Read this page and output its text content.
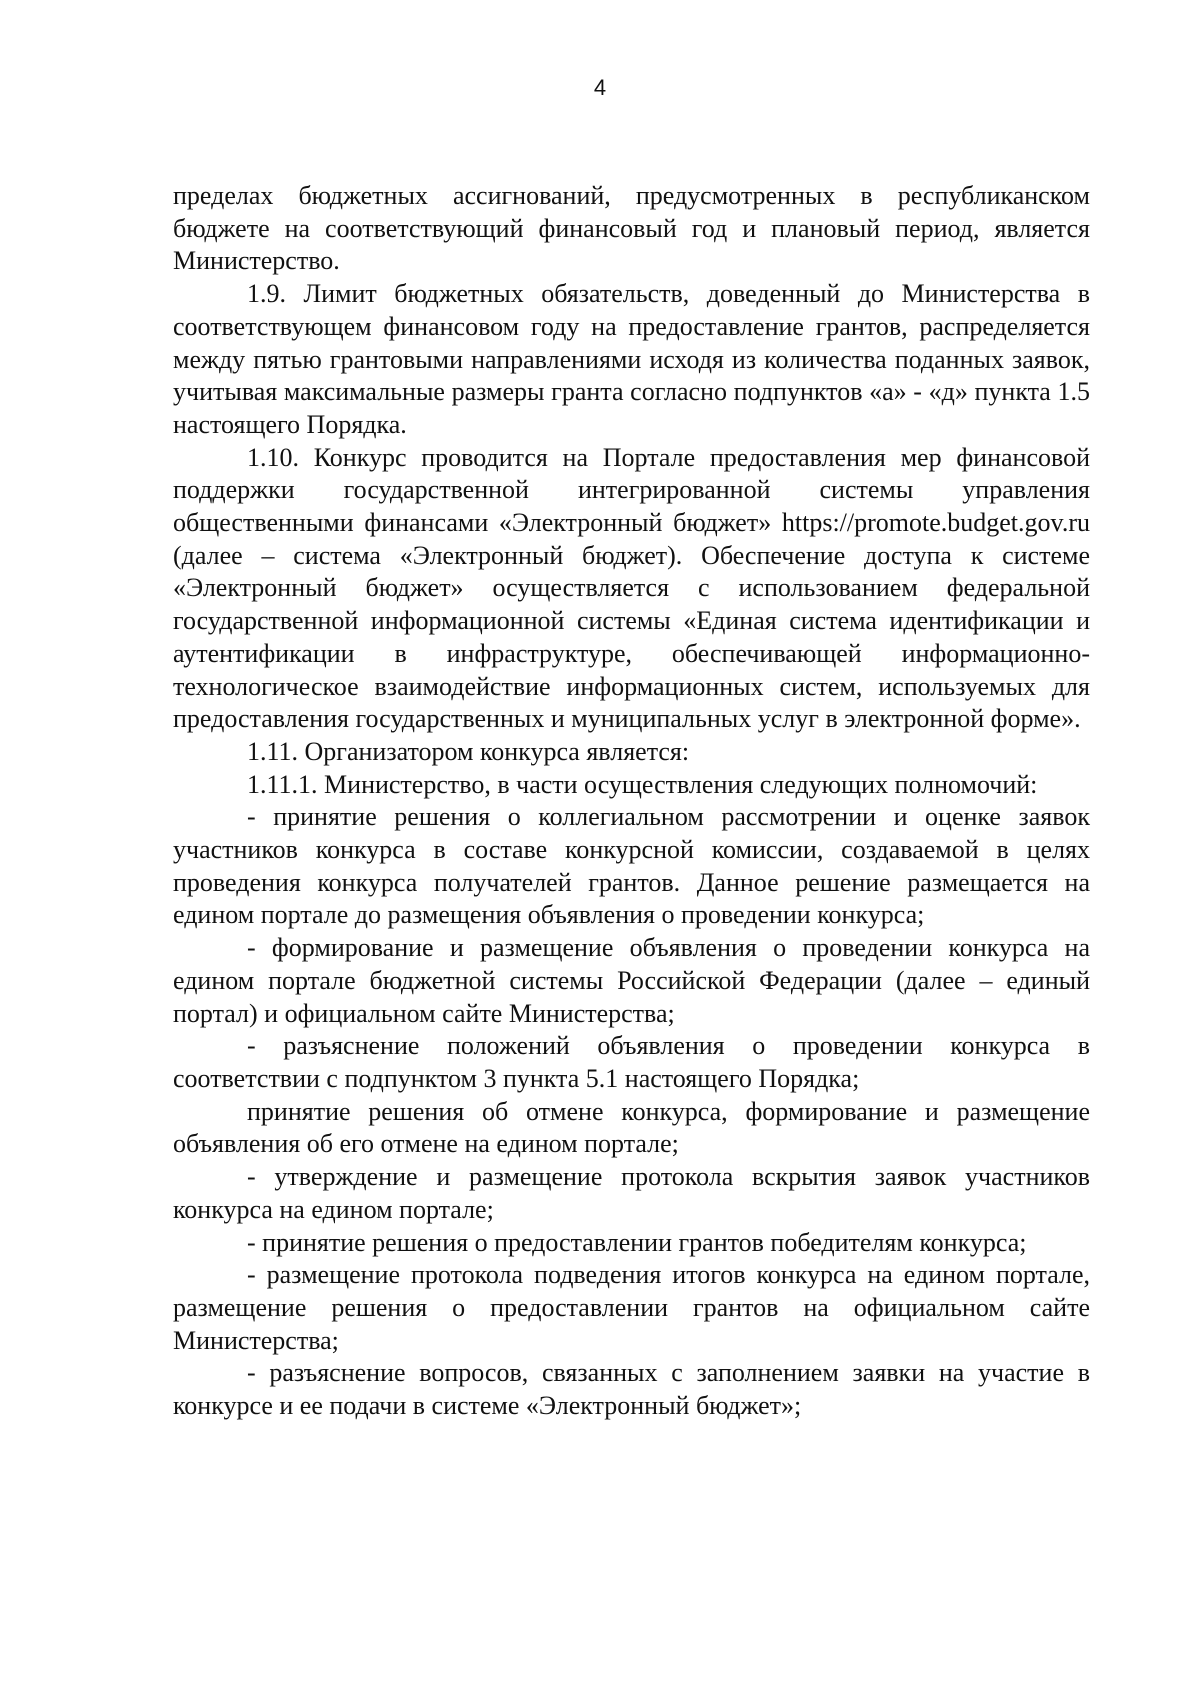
4

пределах бюджетных ассигнований, предусмотренных в республиканском бюджете на соответствующий финансовый год и плановый период, является Министерство.

1.9. Лимит бюджетных обязательств, доведенный до Министерства в соответствующем финансовом году на предоставление грантов, распределяется между пятью грантовыми направлениями исходя из количества поданных заявок, учитывая максимальные размеры гранта согласно подпунктов «а» - «д» пункта 1.5 настоящего Порядка.

1.10. Конкурс проводится на Портале предоставления мер финансовой поддержки государственной интегрированной системы управления общественными финансами «Электронный бюджет» https://promote.budget.gov.ru (далее – система «Электронный бюджет). Обеспечение доступа к системе «Электронный бюджет» осуществляется с использованием федеральной государственной информационной системы «Единая система идентификации и аутентификации в инфраструктуре, обеспечивающей информационно-технологическое взаимодействие информационных систем, используемых для предоставления государственных и муниципальных услуг в электронной форме».

1.11. Организатором конкурса является:

1.11.1. Министерство, в части осуществления следующих полномочий:

- принятие решения о коллегиальном рассмотрении и оценке заявок участников конкурса в составе конкурсной комиссии, создаваемой в целях проведения конкурса получателей грантов. Данное решение размещается на едином портале до размещения объявления о проведении конкурса;

- формирование и размещение объявления о проведении конкурса на едином портале бюджетной системы Российской Федерации (далее – единый портал) и официальном сайте Министерства;

- разъяснение положений объявления о проведении конкурса в соответствии с подпунктом 3 пункта 5.1 настоящего Порядка;

принятие решения об отмене конкурса, формирование и размещение объявления об его отмене на едином портале;

- утверждение и размещение протокола вскрытия заявок участников конкурса на едином портале;

- принятие решения о предоставлении грантов победителям конкурса;

- размещение протокола подведения итогов конкурса на едином портале, размещение решения о предоставлении грантов на официальном сайте Министерства;

- разъяснение вопросов, связанных с заполнением заявки на участие в конкурсе и ее подачи в системе «Электронный бюджет»;
